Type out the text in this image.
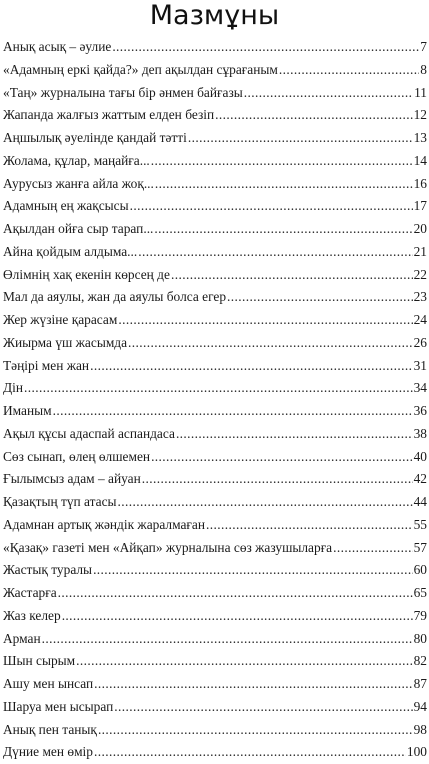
Мазмұны
Анық асық – әулие .....	7
«Адамның еркі қайда?» деп ақылдан сұрағаным .....	8
«Таң» журналына тағы бір әнмен байғазы .....	11
Жапанда жалғыз жаттым елден безіп .....	12
Аңшылық әуелінде қандай тәтті .....	13
Жолама, құлар, маңайға... .....	14
Аурусыз жанға айла жоқ... .....	16
Адамның ең жақсысы .....	17
Ақылдан ойға сыр тарап... .....	20
Айна қойдым алдыма... .....	21
Өлімнің хақ екенін көрсең де .....	22
Мал да аяулы, жан да аяулы болса егер .....	23
Жер жүзіне қарасам .....	24
Жиырма үш жасымда .....	26
Тәңірі мен жан .....	31
Дін .....	34
Иманым .....	36
Ақыл құсы адаспай аспандаса .....	38
Сөз сынап, өлең өлшемен .....	40
Ғылымсыз адам – айуан .....	42
Қазақтың түп атасы .....	44
Адамнан артық жәндік жаралмаған .....	55
«Қазақ» газеті мен «Айқап» журналына сөз жазушыларға .....	57
Жастық туралы .....	60
Жастарға .....	65
Жаз келер .....	79
Арман .....	80
Шын сырым .....	82
Ашу мен ынсап .....	87
Шаруа мен ысырап .....	94
Анық пен танық .....	98
Дүние мен өмір .....	100
